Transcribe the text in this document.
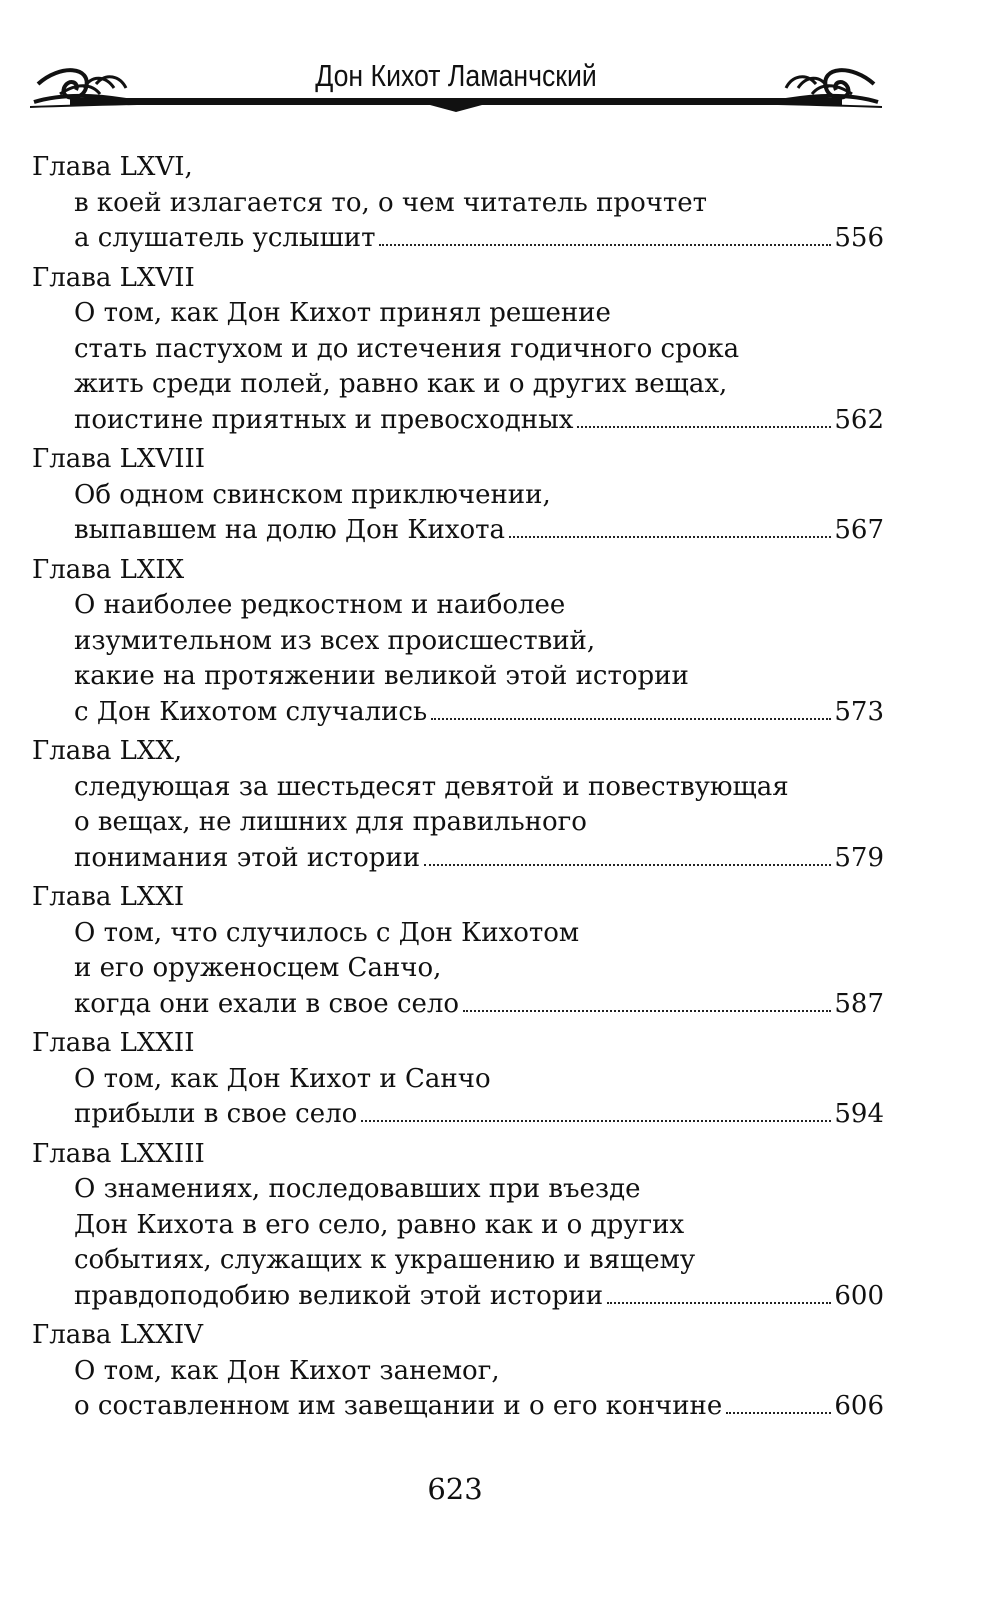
Дон Кихот Ламанчский
Глава LXVI,
в коей излагается то, о чем читатель прочтет
а слушатель услышит	556
Глава LXVII
О том, как Дон Кихот принял решение
стать пастухом и до истечения годичного срока
жить среди полей, равно как и о других вещах,
поистине приятных и превосходных	562
Глава LXVIII
Об одном свинском приключении,
выпавшем на долю Дон Кихота	567
Глава LXIX
О наиболее редкостном и наиболее
изумительном из всех происшествий,
какие на протяжении великой этой истории
с Дон Кихотом случались	573
Глава LXX,
следующая за шестьдесят девятой и повествующая
о вещах, не лишних для правильного
понимания этой истории	579
Глава LXXI
О том, что случилось с Дон Кихотом
и его оруженосцем Санчо,
когда они ехали в свое село	587
Глава LXXII
О том, как Дон Кихот и Санчо
прибыли в свое село	594
Глава LXXIII
О знамениях, последовавших при въезде
Дон Кихота в его село, равно как и о других
событиях, служащих к украшению и вящему
правдоподобию великой этой истории	600
Глава LXXIV
О том, как Дон Кихот занемог,
о составленном им завещании и о его кончине	606
623
